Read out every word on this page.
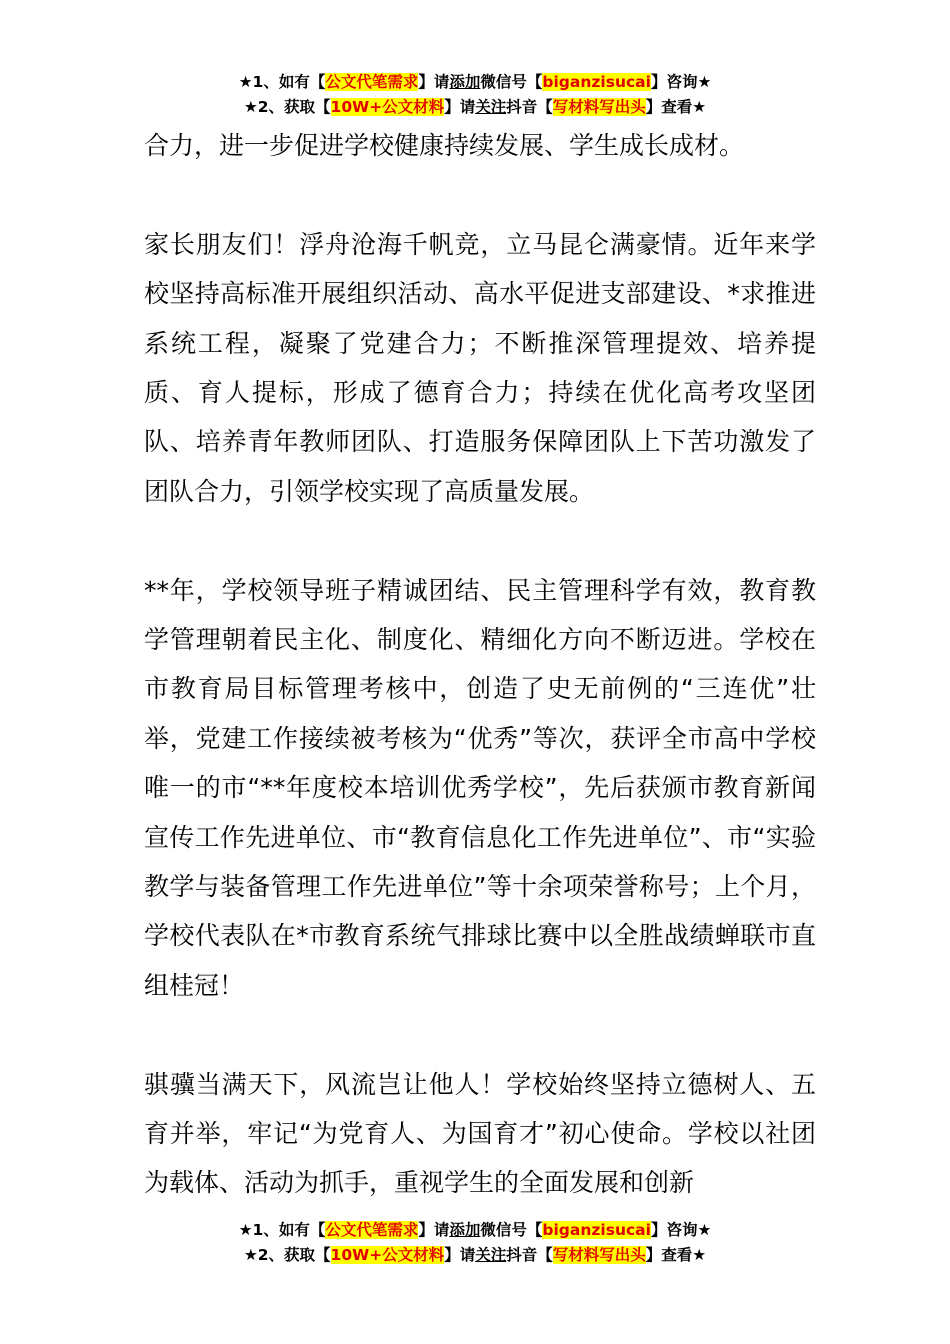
★1、如有【公文代笔需求】请添加微信号【biganzisucai】咨询★
★2、获取【10W+公文材料】请关注抖音【写材料写出头】查看★

合力，进一步促进学校健康持续发展、学生成长成材。

家长朋友们！浮舟沧海千帆竞，立马昆仑满豪情。近年来学校坚持高标准开展组织活动、高水平促进支部建设、*求推进系统工程，凝聚了党建合力；不断推深管理提效、培养提质、育人提标，形成了德育合力；持续在优化高考攻坚团队、培养青年教师团队、打造服务保障团队上下苦功激发了团队合力，引领学校实现了高质量发展。

**年，学校领导班子精诚团结、民主管理科学有效，教育教学管理朝着民主化、制度化、精细化方向不断迈进。学校在市教育局目标管理考核中，创造了史无前例的“三连优”壮举，党建工作接续被考核为“优秀”等次，获评全市高中学校唯一的市“**年度校本培训优秀学校”，先后获颁市教育新闻宣传工作先进单位、市“教育信息化工作先进单位”、市“实验教学与装备管理工作先进单位”等十余项荣誉称号；上个月，学校代表队在*市教育系统气排球比赛中以全胜战绩蝉联市直组桂冠！

骐骥当满天下，风流岂让他人！学校始终坚持立德树人、五育并举，牢记“为党育人、为国育才”初心使命。学校以社团为载体、活动为抓手，重视学生的全面发展和创新

★1、如有【公文代笔需求】请添加微信号【biganzisucai】咨询★
★2、获取【10W+公文材料】请关注抖音【写材料写出头】查看★
